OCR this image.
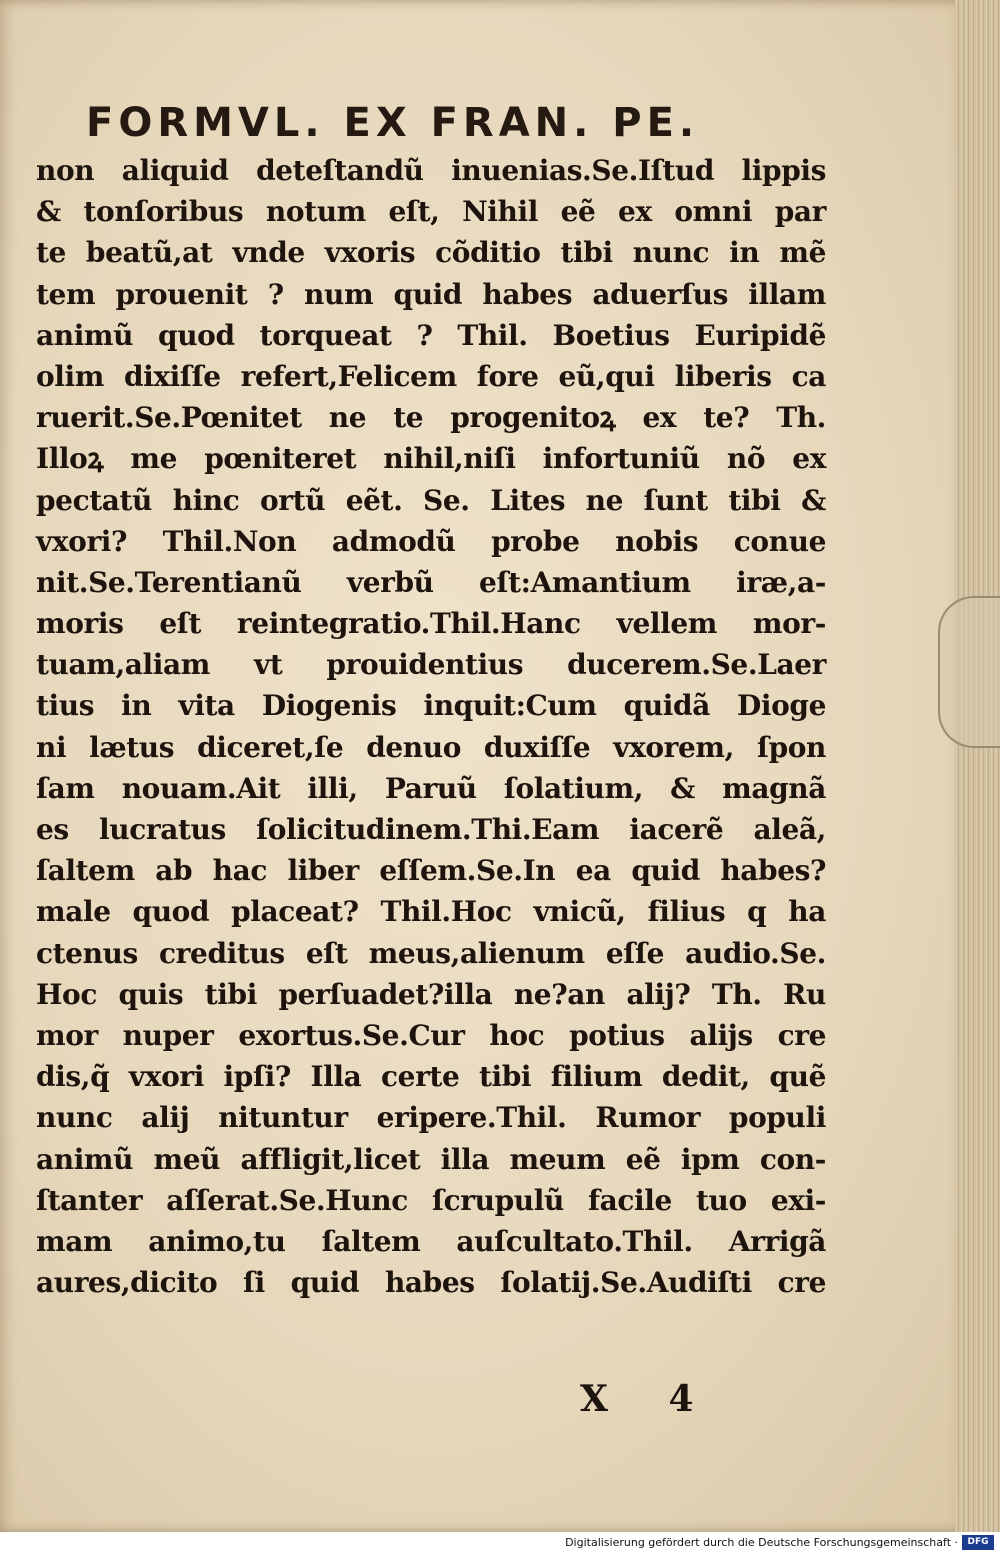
FORMVL. EX FRAN. PE.
non aliquid deteſtandũ inuenias.Se.Iſtud lippis
& tonſoribus notum eſt, Nihil eẽ ex omni par
te beatũ,at vnde vxoris cõditio tibi nunc in mẽ
tem prouenit ? num quid habes aduerſus illam
animũ quod torqueat ? Thil. Boetius Euripidẽ
olim dixiſſe refert,Felicem fore eũ,qui liberis ca
ruerit.Se.Pœnitet ne te progenitoꝝ ex te? Th.
Illoꝝ me pœniteret nihil,niſi infortuniũ nõ ex
pectatũ hinc ortũ eẽt. Se. Lites ne ſunt tibi &
vxori? Thil.Non admodũ probe nobis conue
nit.Se.Terentianũ verbũ eſt:Amantium iræ,a-
moris eſt reintegratio.Thil.Hanc vellem mor-
tuam,aliam vt prouidentius ducerem.Se.Laer
tius in vita Diogenis inquit:Cum quidã Dioge
ni lætus diceret,ſe denuo duxiſſe vxorem, ſpon
ſam nouam.Ait illi, Paruũ ſolatium, & magnã
es lucratus ſolicitudinem.Thi.Eam iacerẽ aleã,
ſaltem ab hac liber eſſem.Se.In ea quid habes?
male quod placeat? Thil.Hoc vnicũ, filius q ha
ctenus creditus eſt meus,alienum eſſe audio.Se.
Hoc quis tibi perſuadet?illa ne?an alij? Th. Ru
mor nuper exortus.Se.Cur hoc potius alijs cre
dis,q̃ vxori ipſi? Illa certe tibi filium dedit, quẽ
nunc alij nituntur eripere.Thil. Rumor populi
animũ meũ affligit,licet illa meum eẽ ipm con-
ſtanter aſſerat.Se.Hunc ſcrupulũ facile tuo exi-
mam animo,tu ſaltem auſcultato.Thil. Arrigã
aures,dicito ſi quid habes ſolatij.Se.Audiſti cre
X 4
Digitalisierung gefördert durch die Deutsche Forschungsgemeinschaft ·	DFG
